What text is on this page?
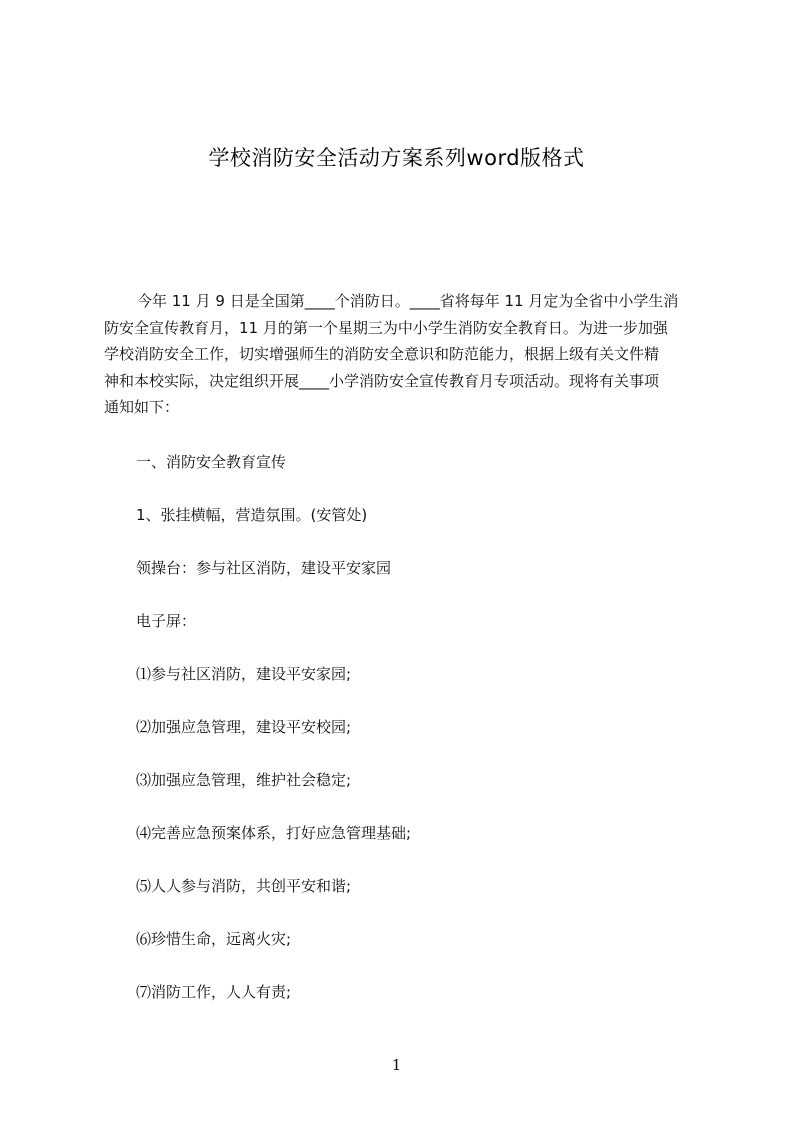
学校消防安全活动方案系列word版格式
今年 11 月 9 日是全国第____个消防日。____省将每年 11 月定为全省中小学生消
防安全宣传教育月，11 月的第一个星期三为中小学生消防安全教育日。为进一步加强
学校消防安全工作，切实增强师生的消防安全意识和防范能力，根据上级有关文件精
神和本校实际，决定组织开展____小学消防安全宣传教育月专项活动。现将有关事项
通知如下：
一、消防安全教育宣传
1、张挂横幅，营造氛围。(安管处)
领操台：参与社区消防，建设平安家园
电子屏：
⑴参与社区消防，建设平安家园;
⑵加强应急管理，建设平安校园;
⑶加强应急管理，维护社会稳定;
⑷完善应急预案体系，打好应急管理基础;
⑸人人参与消防，共创平安和谐;
⑹珍惜生命，远离火灾;
⑺消防工作，人人有责;
1
